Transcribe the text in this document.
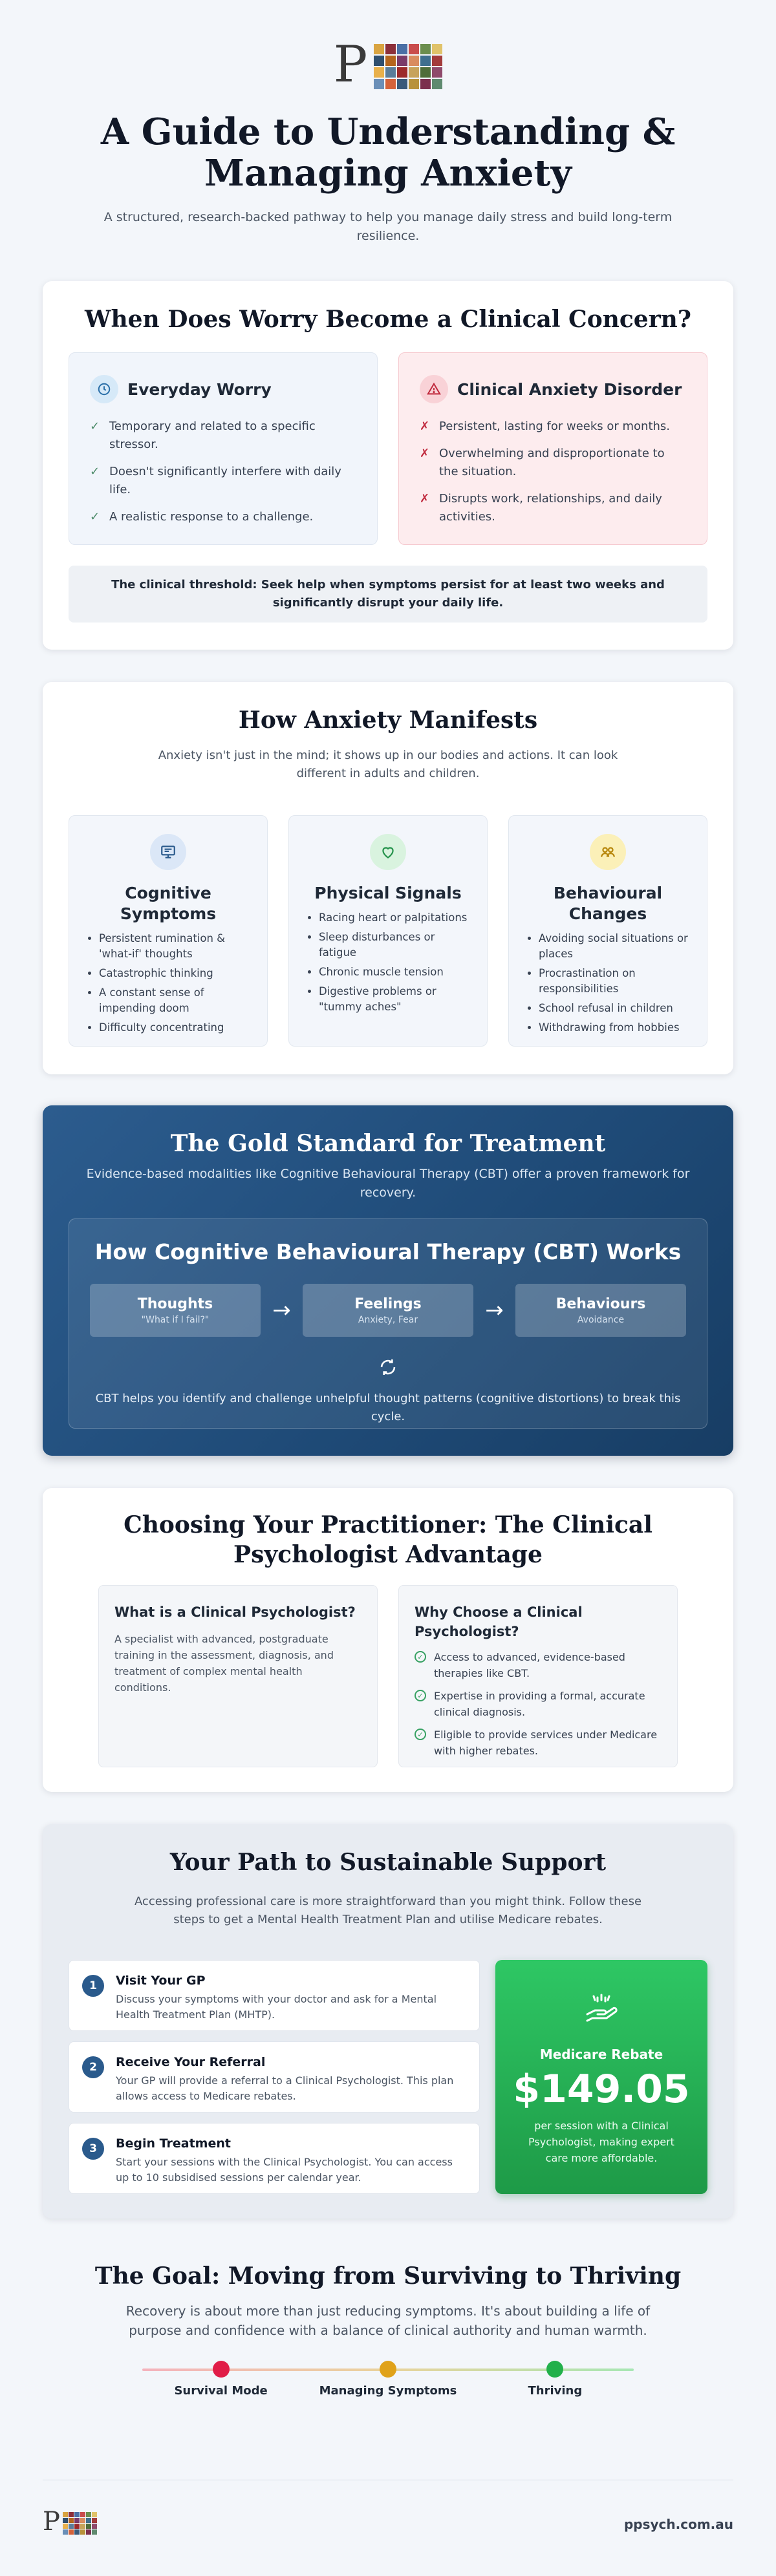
P
A Guide to Understanding &
Managing Anxiety

A structured, research-backed pathway to help you manage daily stress and build long-term resilience.

When Does Worry Become a Clinical Concern?
Everyday Worry
✓ Temporary and related to a specific stressor.
✓ Doesn't significantly interfere with daily life.
✓ A realistic response to a challenge.
Clinical Anxiety Disorder
✗ Persistent, lasting for weeks or months.
✗ Overwhelming and disproportionate to the situation.
✗ Disrupts work, relationships, and daily activities.
The clinical threshold: Seek help when symptoms persist for at least two weeks and significantly disrupt your daily life.
How Anxiety Manifests

Anxiety isn't just in the mind; it shows up in our bodies and actions. It can look different in adults and children.

Cognitive Symptoms
• Persistent rumination & 'what-if' thoughts
• Catastrophic thinking
• A constant sense of impending doom
• Difficulty concentrating
Physical Signals
• Racing heart or palpitations
• Sleep disturbances or fatigue
• Chronic muscle tension
• Digestive problems or "tummy aches"
Behavioural Changes
• Avoiding social situations or places
• Procrastination on responsibilities
• School refusal in children
• Withdrawing from hobbies
The Gold Standard for Treatment

Evidence-based modalities like Cognitive Behavioural Therapy (CBT) offer a proven framework for recovery.

How Cognitive Behavioural Therapy (CBT) Works
Thoughts
"What if I fail?"	→	Feelings
Anxiety, Fear	→	Behaviours
Avoidance

CBT helps you identify and challenge unhelpful thought patterns (cognitive distortions) to break this cycle.

Choosing Your Practitioner: The Clinical
Psychologist Advantage
What is a Clinical Psychologist?

A specialist with advanced, postgraduate training in the assessment, diagnosis, and treatment of complex mental health conditions.

Why Choose a Clinical Psychologist?
✓ Access to advanced, evidence-based therapies like CBT.
✓ Expertise in providing a formal, accurate clinical diagnosis.
✓ Eligible to provide services under Medicare with higher rebates.
Your Path to Sustainable Support

Accessing professional care is more straightforward than you might think. Follow these steps to get a Mental Health Treatment Plan and utilise Medicare rebates.

1	Visit Your GP
Discuss your symptoms with your doctor and ask for a Mental Health Treatment Plan (MHTP).
2	Receive Your Referral
Your GP will provide a referral to a Clinical Psychologist. This plan allows access to Medicare rebates.
3	Begin Treatment
Start your sessions with the Clinical Psychologist. You can access up to 10 subsidised sessions per calendar year.
Medicare Rebate
$149.05
per session with a Clinical Psychologist, making expert care more affordable.
The Goal: Moving from Surviving to Thriving

Recovery is about more than just reducing symptoms. It's about building a life of purpose and confidence with a balance of clinical authority and human warmth.

Survival Mode	Managing Symptoms	Thriving
P	ppsych.com.au
